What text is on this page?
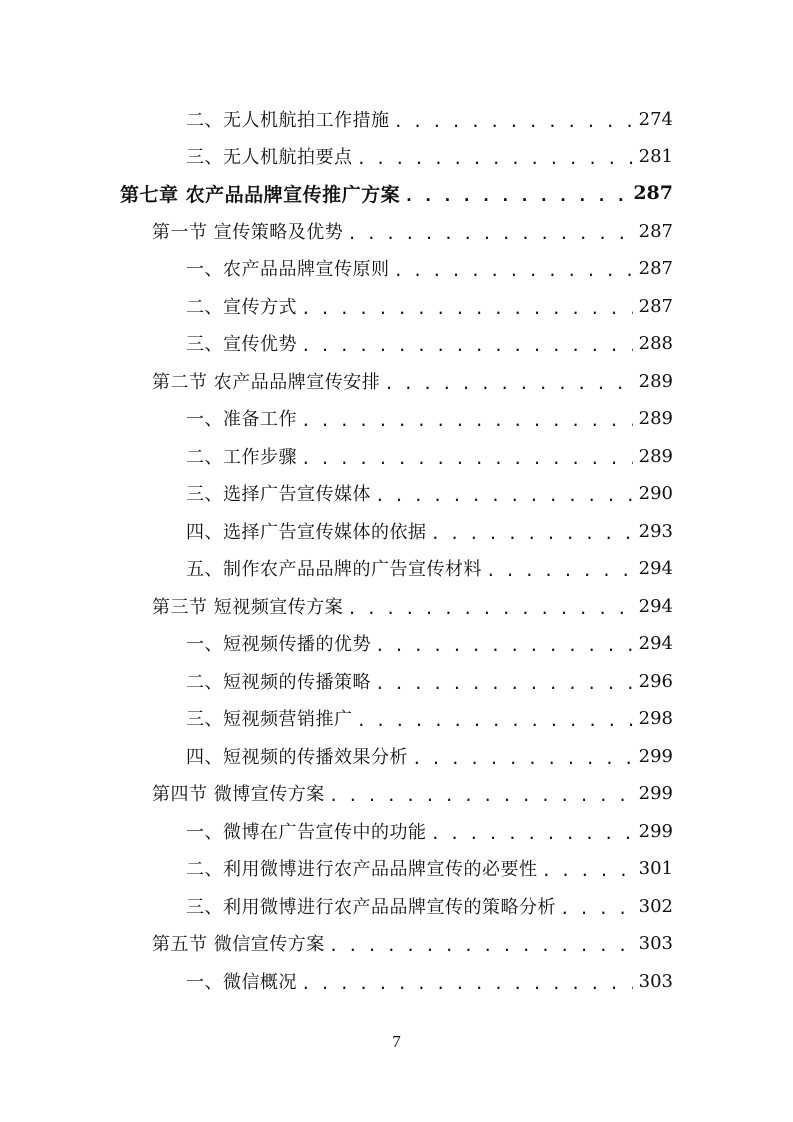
二、无人机航拍工作措施 . . .	274
三、无人机航拍要点 . . .	281
第七章 农产品品牌宣传推广方案 . . .	287
第一节 宣传策略及优势 . . .	287
一、农产品品牌宣传原则 . . .	287
二、宣传方式 . . .	287
三、宣传优势 . . .	288
第二节 农产品品牌宣传安排 . . .	289
一、准备工作 . . .	289
二、工作步骤 . . .	289
三、选择广告宣传媒体 . . .	290
四、选择广告宣传媒体的依据 . . .	293
五、制作农产品品牌的广告宣传材料 . . .	294
第三节 短视频宣传方案 . . .	294
一、短视频传播的优势 . . .	294
二、短视频的传播策略 . . .	296
三、短视频营销推广 . . .	298
四、短视频的传播效果分析 . . .	299
第四节 微博宣传方案 . . .	299
一、微博在广告宣传中的功能 . . .	299
二、利用微博进行农产品品牌宣传的必要性 . . .	301
三、利用微博进行农产品品牌宣传的策略分析 . . .	302
第五节 微信宣传方案 . . .	303
一、微信概况 . . .	303
7
